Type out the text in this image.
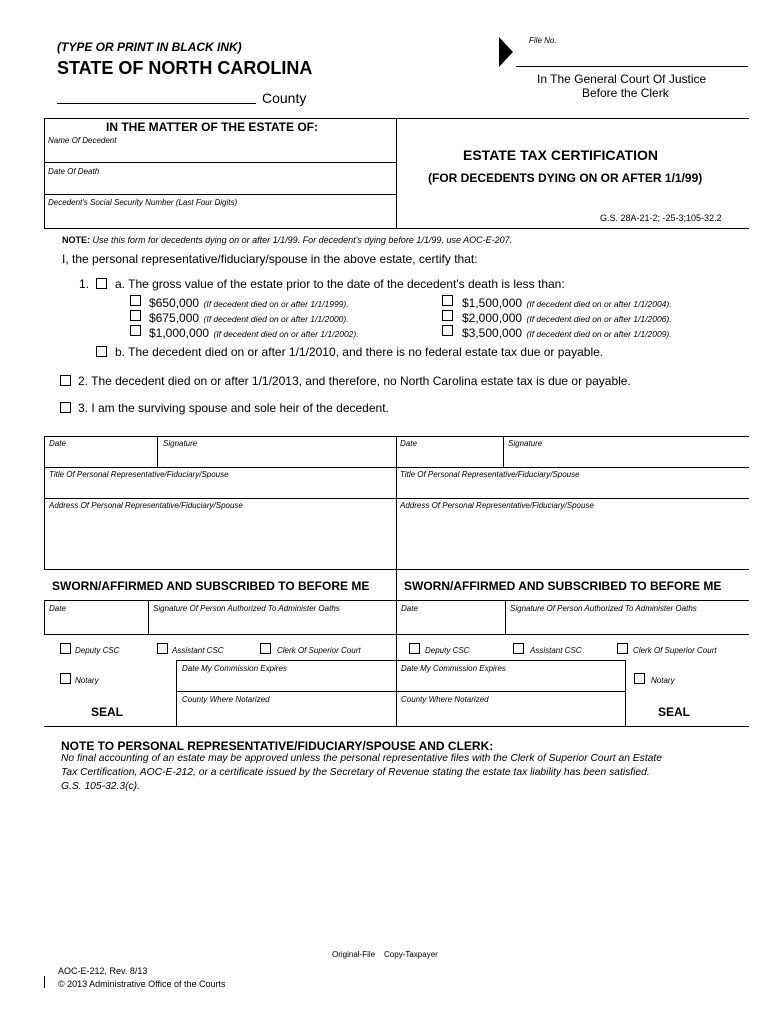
(TYPE OR PRINT IN BLACK INK)
STATE OF NORTH CAROLINA
County
File No.
In The General Court Of Justice
Before the Clerk
IN THE MATTER OF THE ESTATE OF:
Name Of Decedent
Date Of Death
Decedent's Social Security Number (Last Four Digits)
ESTATE TAX CERTIFICATION
(FOR DECEDENTS DYING ON OR AFTER 1/1/99)
G.S. 28A-21-2; -25-3;105-32.2
NOTE: Use this form for decedents dying on or after 1/1/99. For decedent's dying before 1/1/99, use AOC-E-207.
I, the personal representative/fiduciary/spouse in the above estate, certify that:
1. a. The gross value of the estate prior to the date of the decedent's death is less than:
$650,000 (If decedent died on or after 1/1/1999).
$675,000 (If decedent died on or after 1/1/2000).
$1,000,000 (If decedent died on or after 1/1/2002).
$1,500,000 (If decedent died on or after 1/1/2004).
$2,000,000 (If decedent died on or after 1/1/2006).
$3,500,000 (If decedent died on or after 1/1/2009).
b. The decedent died on or after 1/1/2010, and there is no federal estate tax due or payable.
2. The decedent died on or after 1/1/2013, and therefore, no North Carolina estate tax is due or payable.
3. I am the surviving spouse and sole heir of the decedent.
Date	Signature	Date	Signature
Title Of Personal Representative/Fiduciary/Spouse	Title Of Personal Representative/Fiduciary/Spouse
Address Of Personal Representative/Fiduciary/Spouse	Address Of Personal Representative/Fiduciary/Spouse
SWORN/AFFIRMED AND SUBSCRIBED TO BEFORE ME	SWORN/AFFIRMED AND SUBSCRIBED TO BEFORE ME
Date	Signature Of Person Authorized To Administer Oaths	Date	Signature Of Person Authorized To Administer Oaths
Deputy CSC	Assistant CSC	Clerk Of Superior Court	Deputy CSC	Assistant CSC	Clerk Of Superior Court
Date My Commission Expires	Date My Commission Expires
Notary	Notary
County Where Notarized	County Where Notarized
SEAL	SEAL
NOTE TO PERSONAL REPRESENTATIVE/FIDUCIARY/SPOUSE AND CLERK:
No final accounting of an estate may be approved unless the personal representative files with the Clerk of Superior Court an Estate
Tax Certification, AOC-E-212, or a certificate issued by the Secretary of Revenue stating the estate tax liability has been satisfied.
G.S. 105-32.3(c).
Original-File    Copy-Taxpayer
AOC-E-212, Rev. 8/13
© 2013 Administrative Office of the Courts
